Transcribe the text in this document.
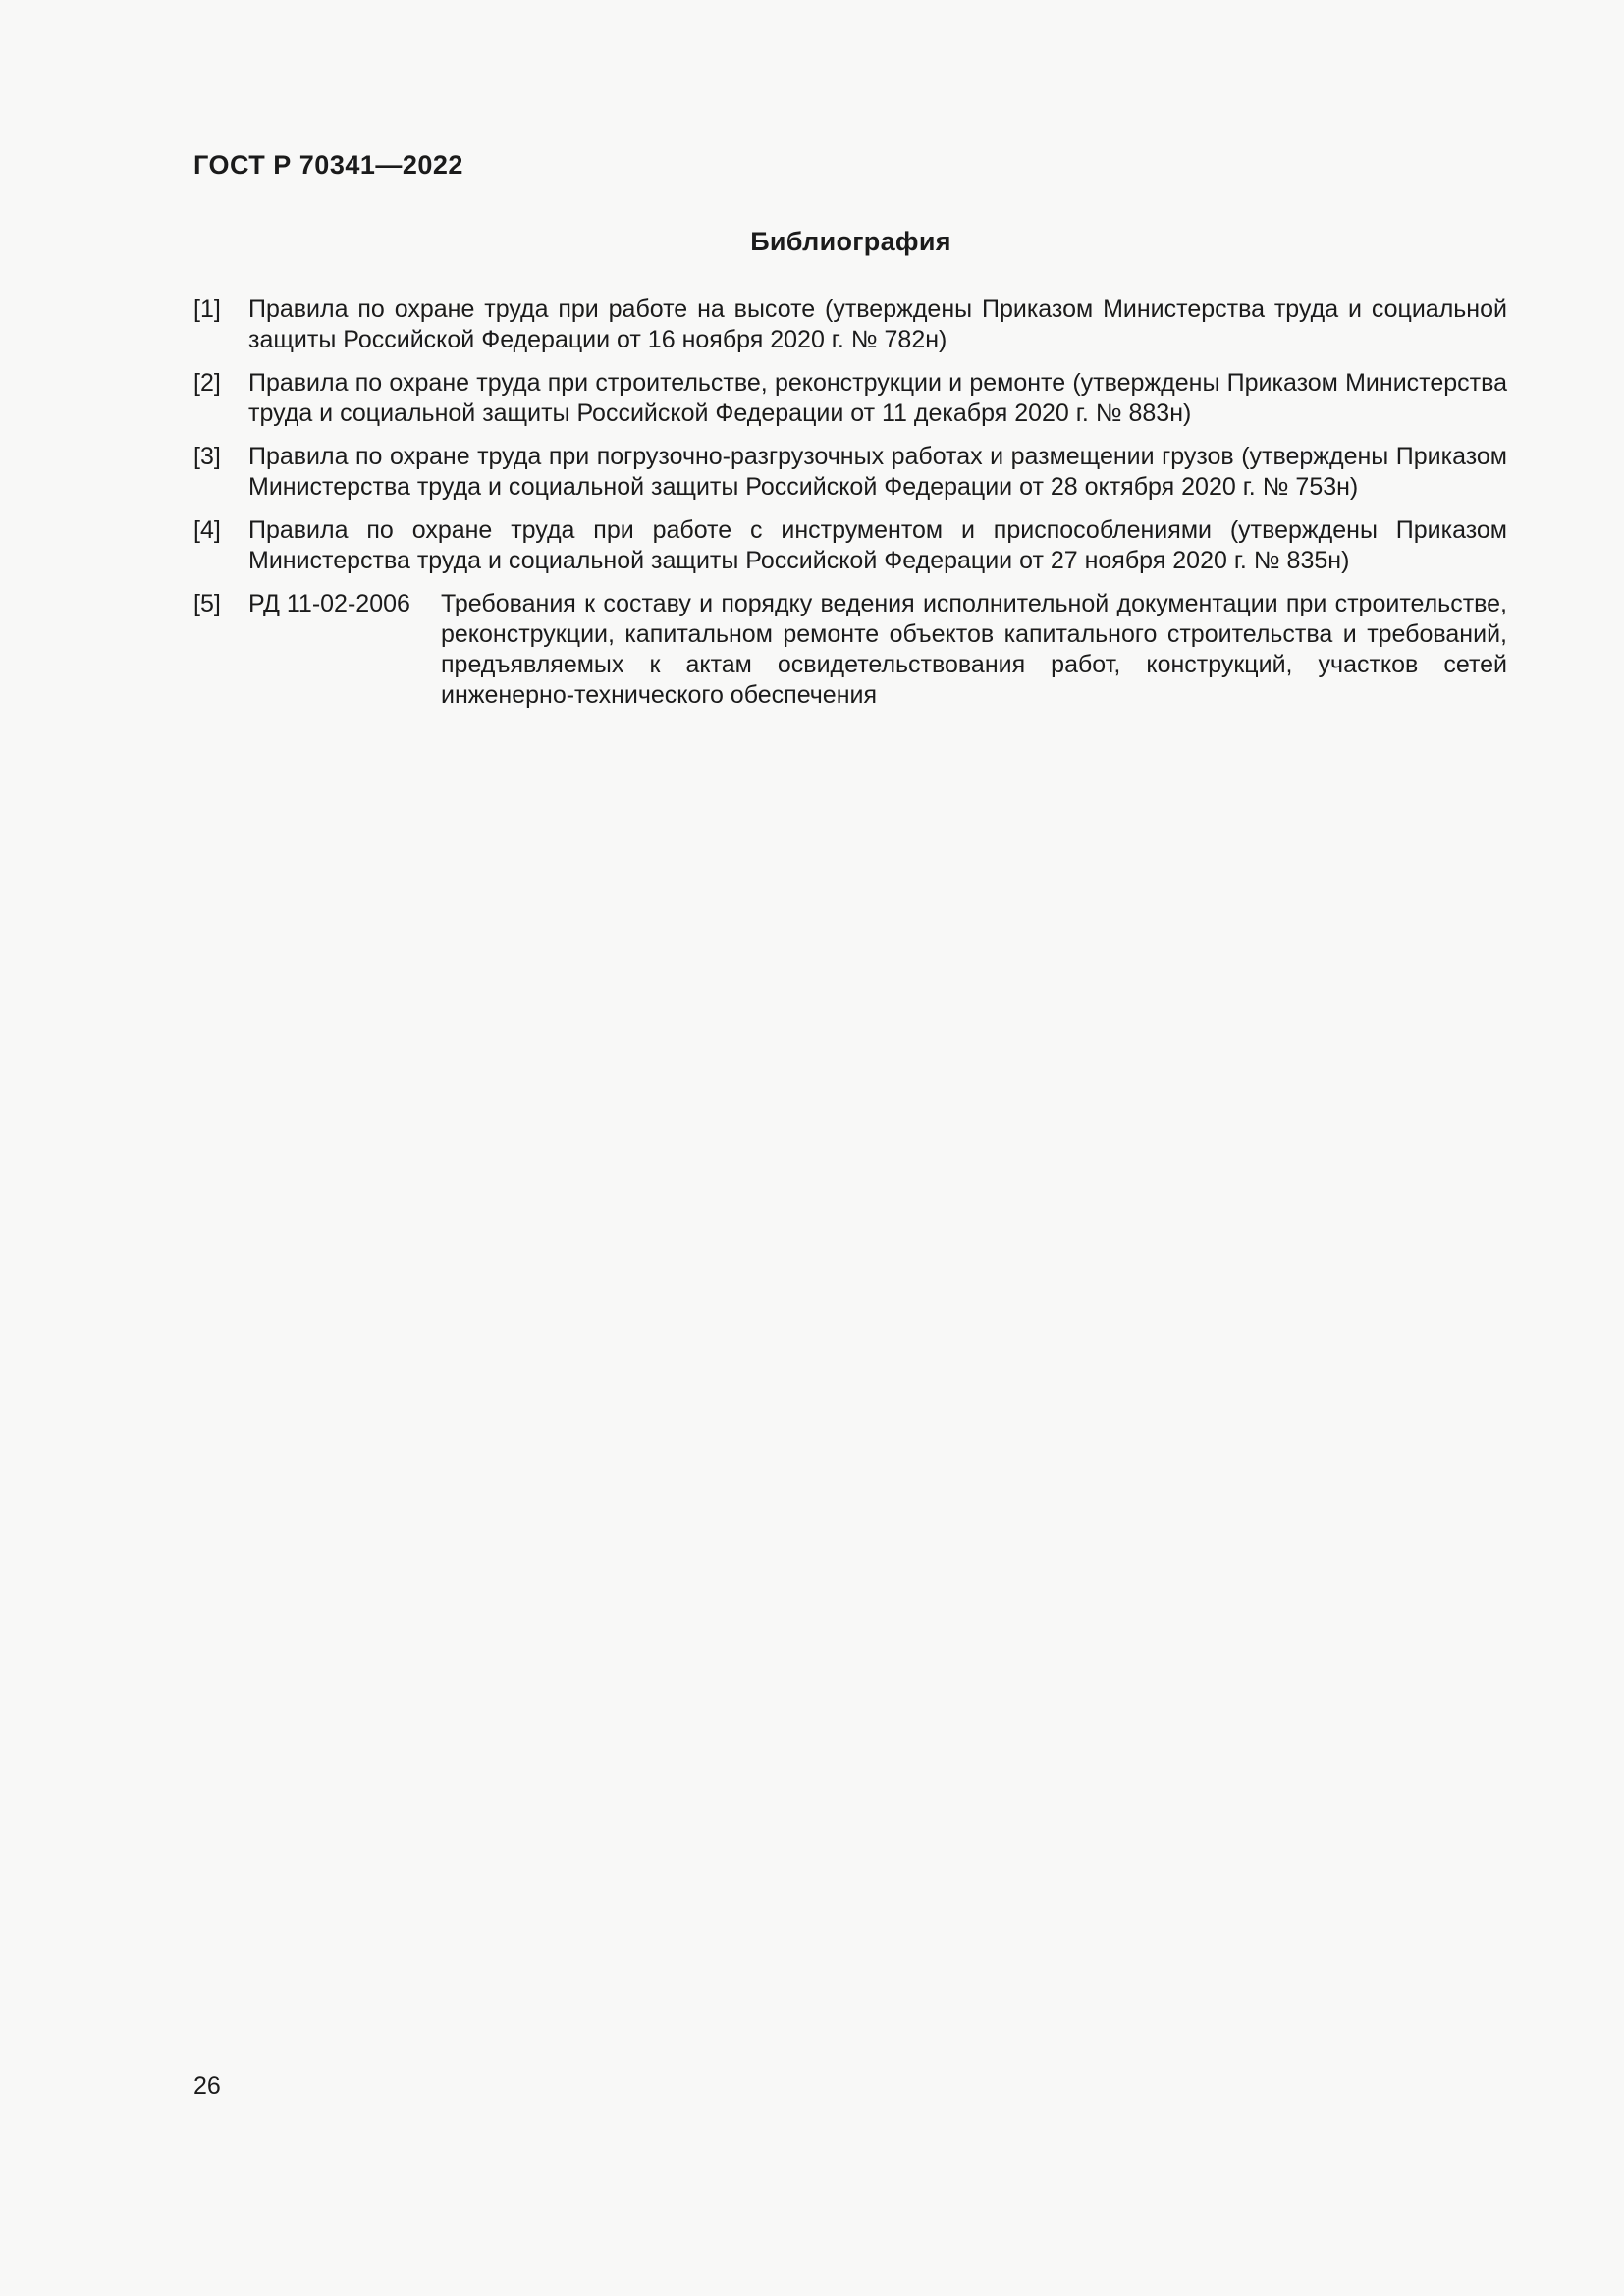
ГОСТ Р 70341—2022
Библиография
[1] Правила по охране труда при работе на высоте (утверждены Приказом Министерства труда и социальной защиты Российской Федерации от 16 ноября 2020 г. № 782н)
[2] Правила по охране труда при строительстве, реконструкции и ремонте (утверждены Приказом Министерства труда и социальной защиты Российской Федерации от 11 декабря 2020 г. № 883н)
[3] Правила по охране труда при погрузочно-разгрузочных работах и размещении грузов (утверждены Приказом Министерства труда и социальной защиты Российской Федерации от 28 октября 2020 г. № 753н)
[4] Правила по охране труда при работе с инструментом и приспособлениями (утверждены Приказом Министерства труда и социальной защиты Российской Федерации от 27 ноября 2020 г. № 835н)
[5] РД 11-02-2006 Требования к составу и порядку ведения исполнительной документации при строительстве, реконструкции, капитальном ремонте объектов капитального строительства и требований, предъявляемых к актам освидетельствования работ, конструкций, участков сетей инженерно-технического обеспечения
26
